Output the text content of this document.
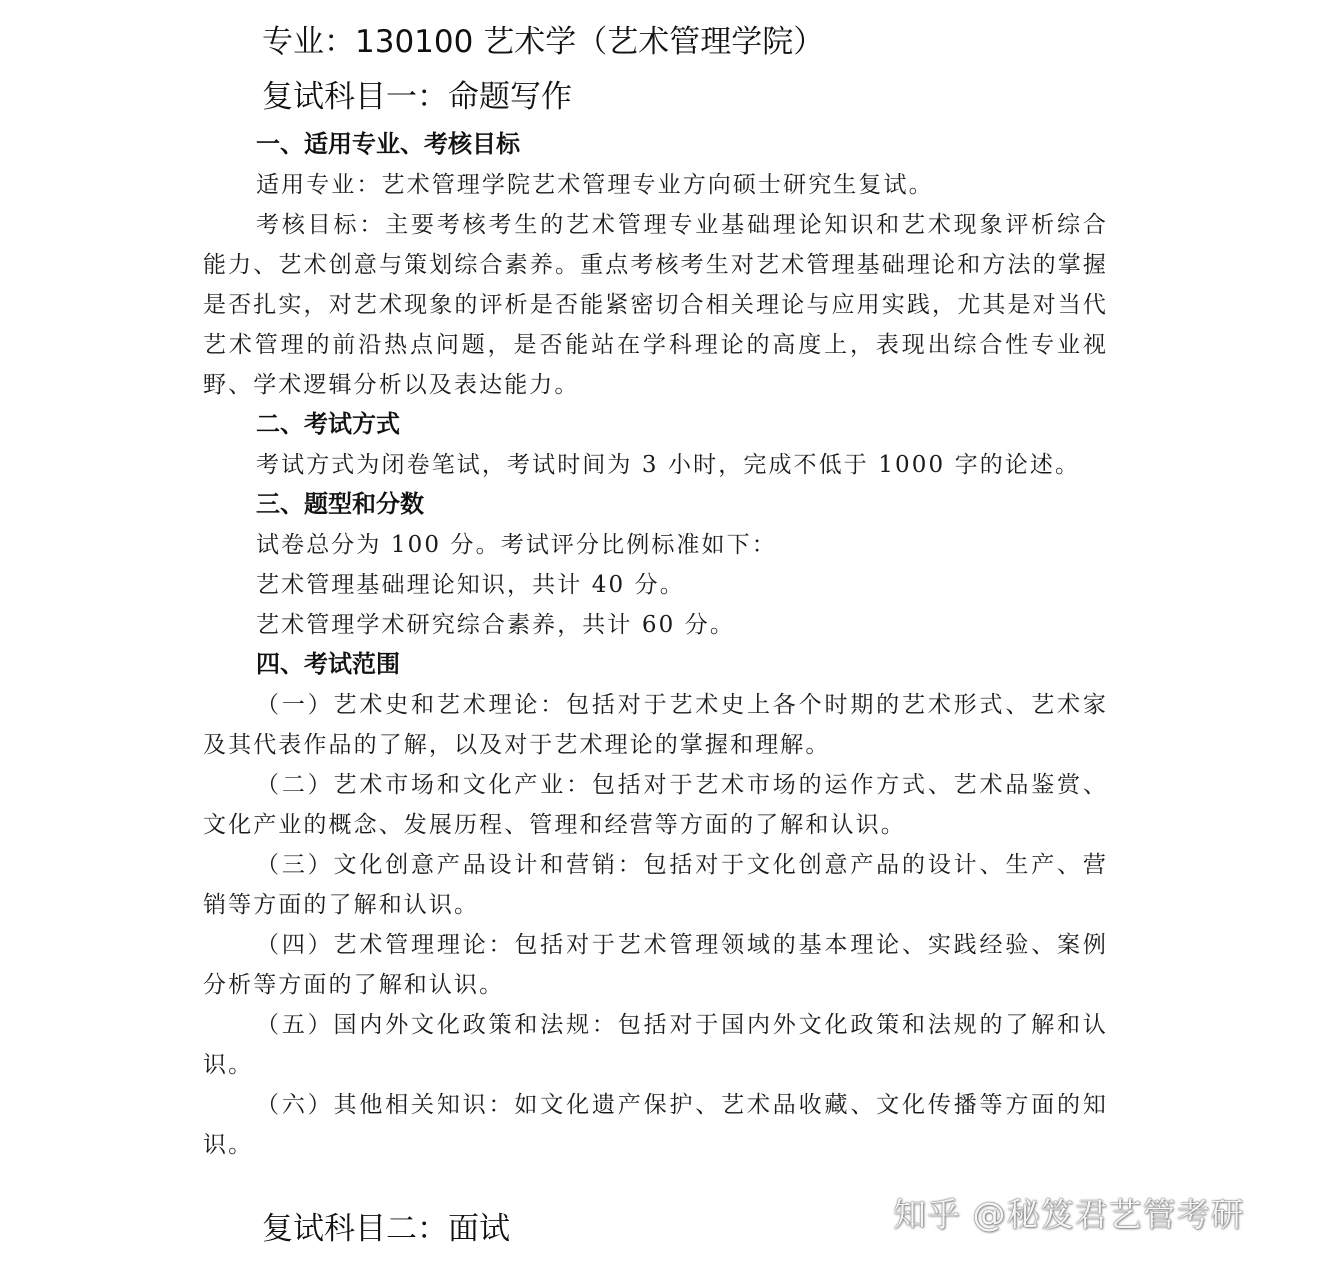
专业：130100 艺术学（艺术管理学院）
复试科目一：命题写作
一、适用专业、考核目标
适用专业：艺术管理学院艺术管理专业方向硕士研究生复试。
考核目标：主要考核考生的艺术管理专业基础理论知识和艺术现象评析综合能力、艺术创意与策划综合素养。重点考核考生对艺术管理基础理论和方法的掌握是否扎实，对艺术现象的评析是否能紧密切合相关理论与应用实践，尤其是对当代艺术管理的前沿热点问题，是否能站在学科理论的高度上，表现出综合性专业视野、学术逻辑分析以及表达能力。
二、考试方式
考试方式为闭卷笔试，考试时间为 3 小时，完成不低于 1000 字的论述。
三、题型和分数
试卷总分为 100 分。考试评分比例标准如下：
艺术管理基础理论知识，共计 40 分。
艺术管理学术研究综合素养，共计 60 分。
四、考试范围
（一）艺术史和艺术理论：包括对于艺术史上各个时期的艺术形式、艺术家及其代表作品的了解，以及对于艺术理论的掌握和理解。
（二）艺术市场和文化产业：包括对于艺术市场的运作方式、艺术品鉴赏、文化产业的概念、发展历程、管理和经营等方面的了解和认识。
（三）文化创意产品设计和营销：包括对于文化创意产品的设计、生产、营销等方面的了解和认识。
（四）艺术管理理论：包括对于艺术管理领域的基本理论、实践经验、案例分析等方面的了解和认识。
（五）国内外文化政策和法规：包括对于国内外文化政策和法规的了解和认识。
（六）其他相关知识：如文化遗产保护、艺术品收藏、文化传播等方面的知识。
复试科目二：面试	知乎 @秘笈君艺管考研
